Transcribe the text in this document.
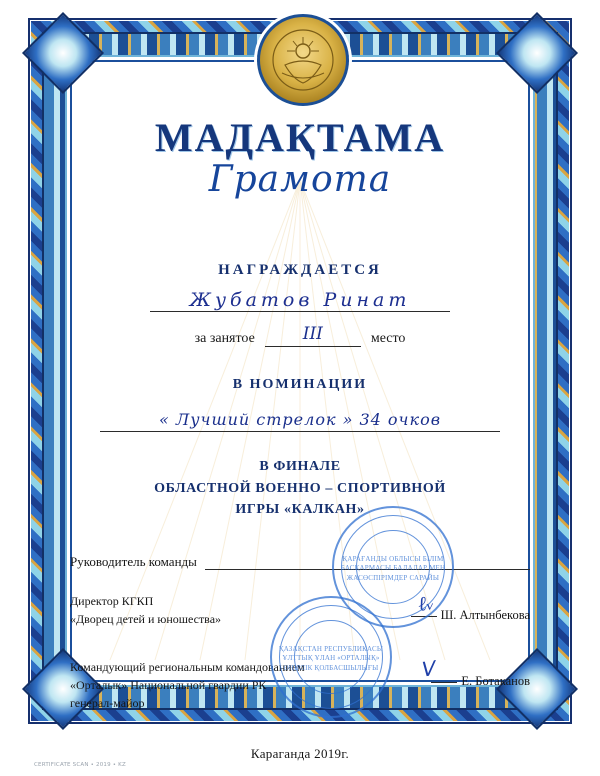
МАДАҚТАМА
Грамота
НАГРАЖДАЕТСЯ
Жубатов Ринат
за занятое	III	место
В НОМИНАЦИИ
« Лучший стрелок » 34 очков
В ФИНАЛЕ
ОБЛАСТНОЙ ВОЕННО – СПОРТИВНОЙ
ИГРЫ «КАЛКАН»
Руководитель команды
Директор КГКП
«Дворец детей и юношества»
ℓᵥ Ш. Алтынбекова
Командующий региональным командованием
«Орталык» Национальной гвардии РК
генерал-майор
ᐯ Е. Ботаканов
Караганда 2019г.
ҚАРАҒАНДЫ ОБЛЫСЫ БІЛІМ БАСҚАРМАСЫ БАЛАЛАР МЕН ЖАСӨСПІРІМДЕР САРАЙЫ
ҚАЗАҚСТАН РЕСПУБЛИКАСЫ ҰЛТТЫҚ ҰЛАН «ОРТАЛЫҚ» ӨҢІРЛІК ҚОЛБАСШЫЛЫҒЫ
CERTIFICATE SCAN • 2019 • KZ
